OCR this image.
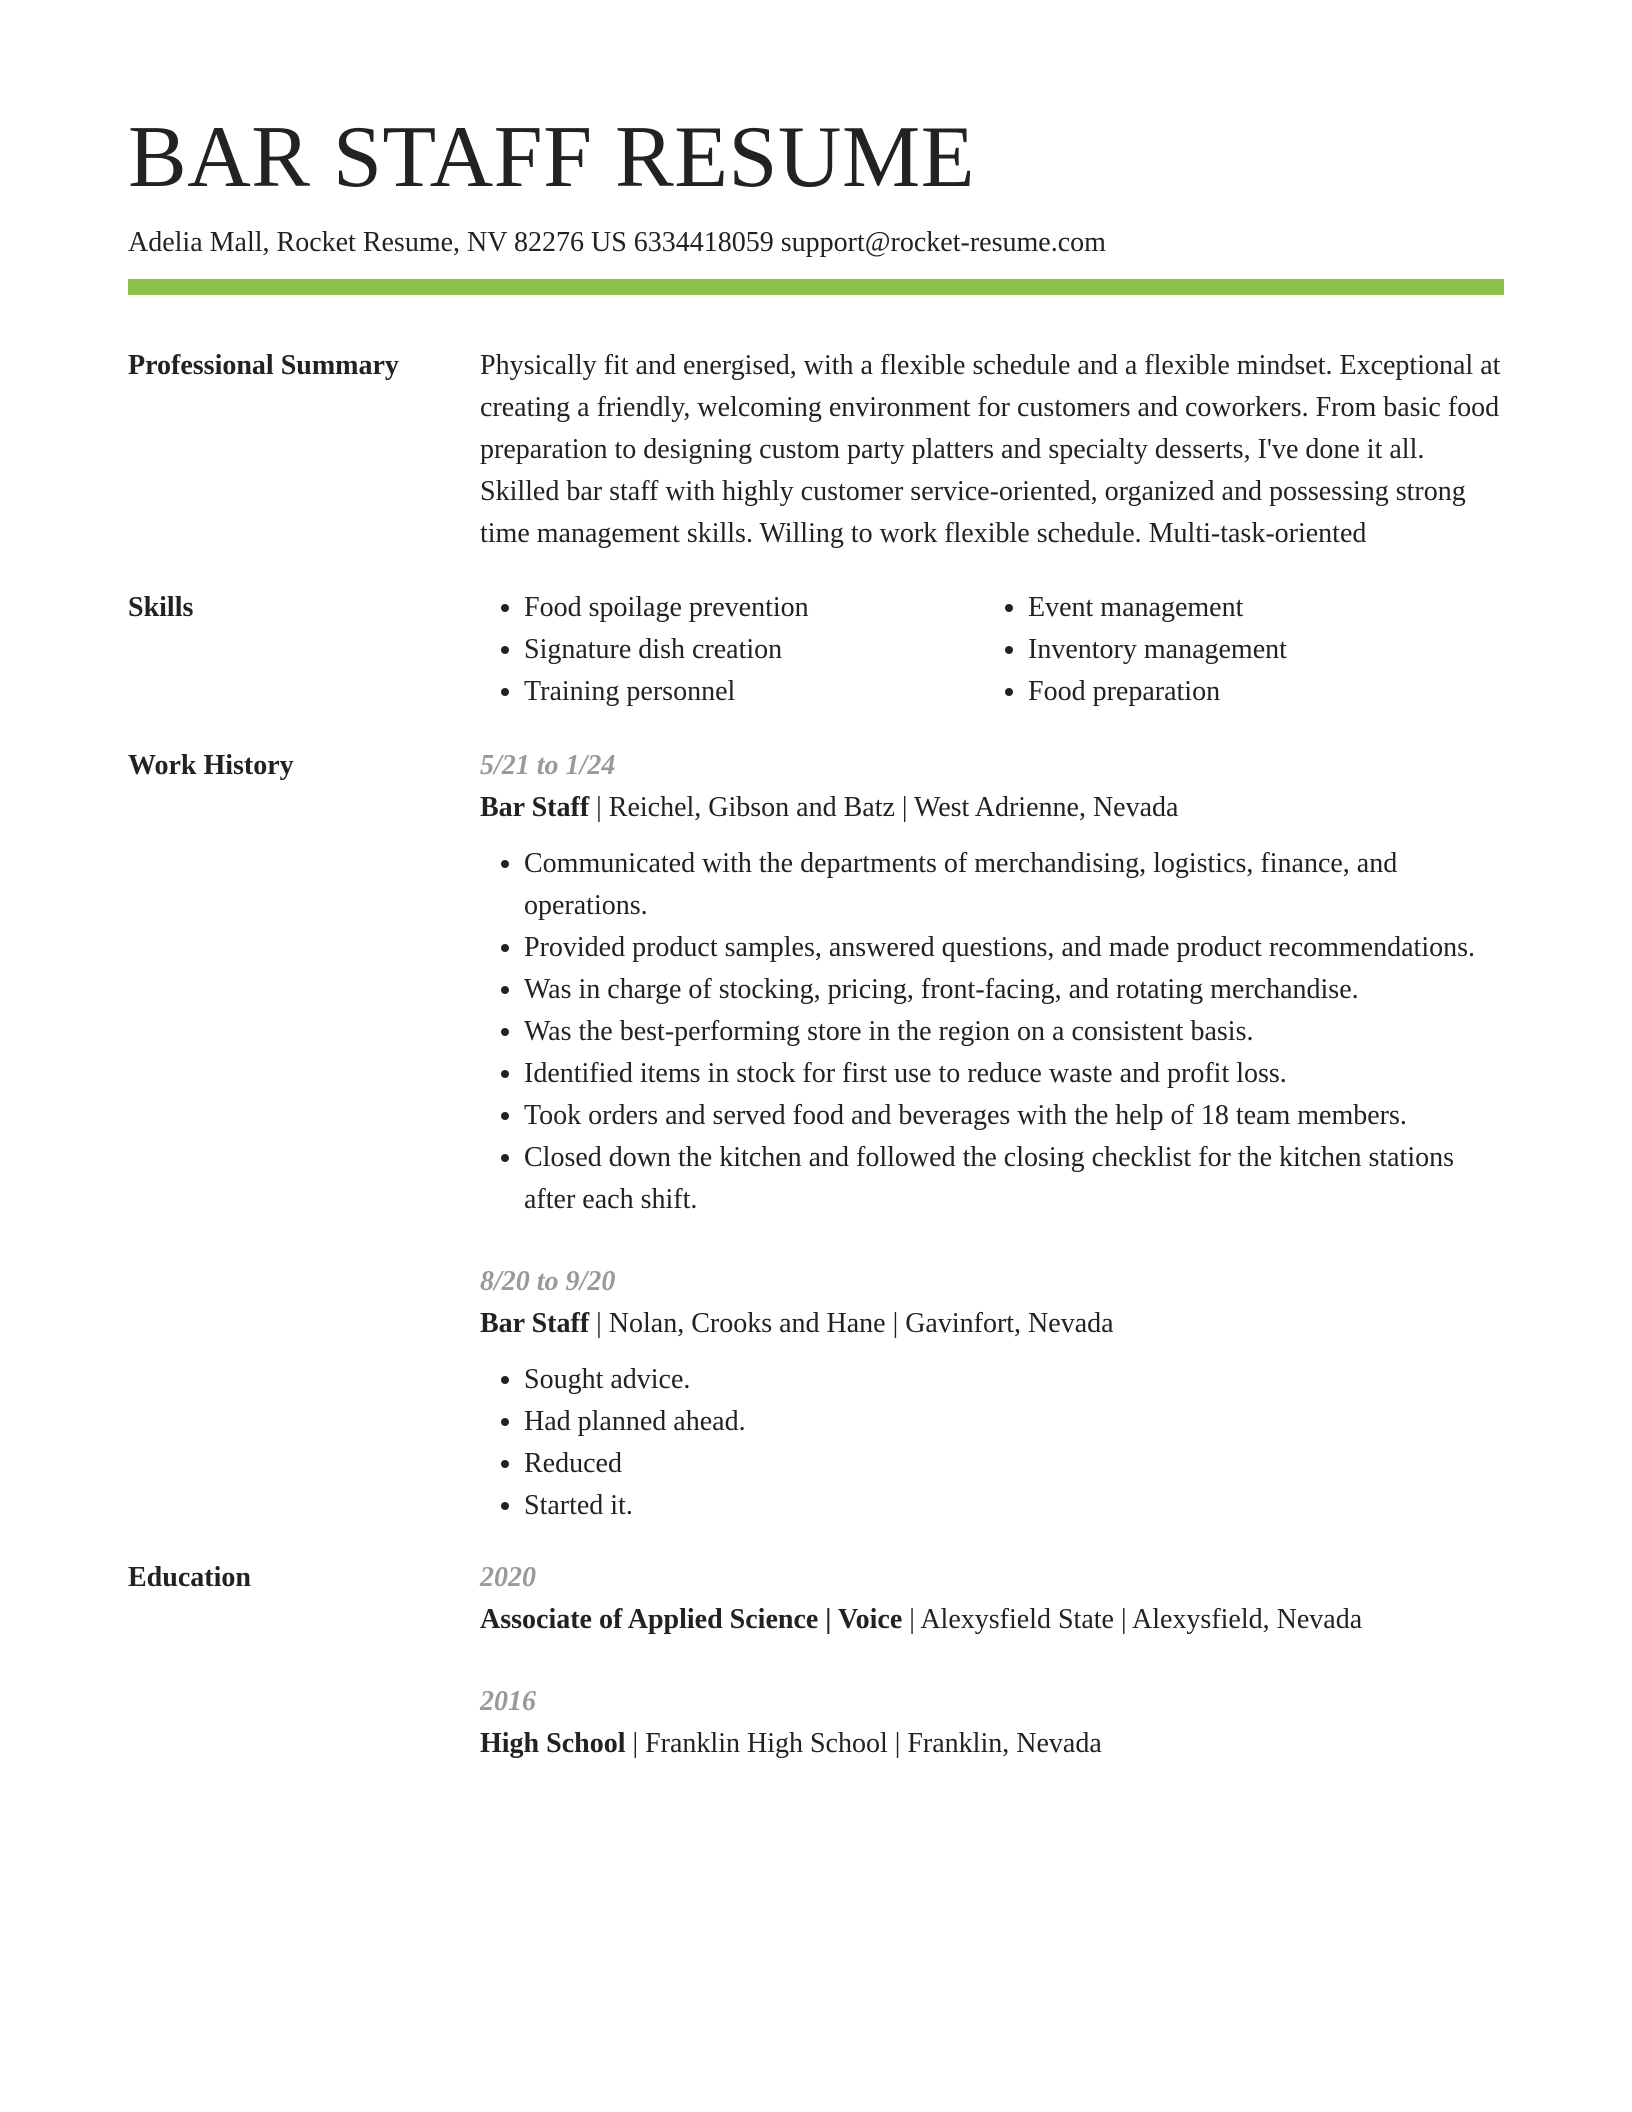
BAR STAFF RESUME
Adelia Mall, Rocket Resume, NV 82276 US 6334418059 support@rocket-resume.com
Professional Summary	Physically fit and energised, with a flexible schedule and a flexible mindset. Exceptional at creating a friendly, welcoming environment for customers and coworkers. From basic food preparation to designing custom party platters and specialty desserts, I've done it all. Skilled bar staff with highly customer service-oriented, organized and possessing strong time management skills. Willing to work flexible schedule. Multi-task-oriented
Skills
•	Food spoilage prevention
• Signature dish creation
• Training personnel
• Event management
• Inventory management
• Food preparation
Work History	5/21 to 1/24
Bar Staff | Reichel, Gibson and Batz | West Adrienne, Nevada
• Communicated with the departments of merchandising, logistics, finance, and operations.
• Provided product samples, answered questions, and made product recommendations.
• Was in charge of stocking, pricing, front-facing, and rotating merchandise.
• Was the best-performing store in the region on a consistent basis.
• Identified items in stock for first use to reduce waste and profit loss.
• Took orders and served food and beverages with the help of 18 team members.
• Closed down the kitchen and followed the closing checklist for the kitchen stations after each shift.
8/20 to 9/20
Bar Staff | Nolan, Crooks and Hane | Gavinfort, Nevada
• Sought advice.
• Had planned ahead.
• Reduced
• Started it.
Education	2020
Associate of Applied Science | Voice | Alexysfield State | Alexysfield, Nevada
2016
High School | Franklin High School | Franklin, Nevada
